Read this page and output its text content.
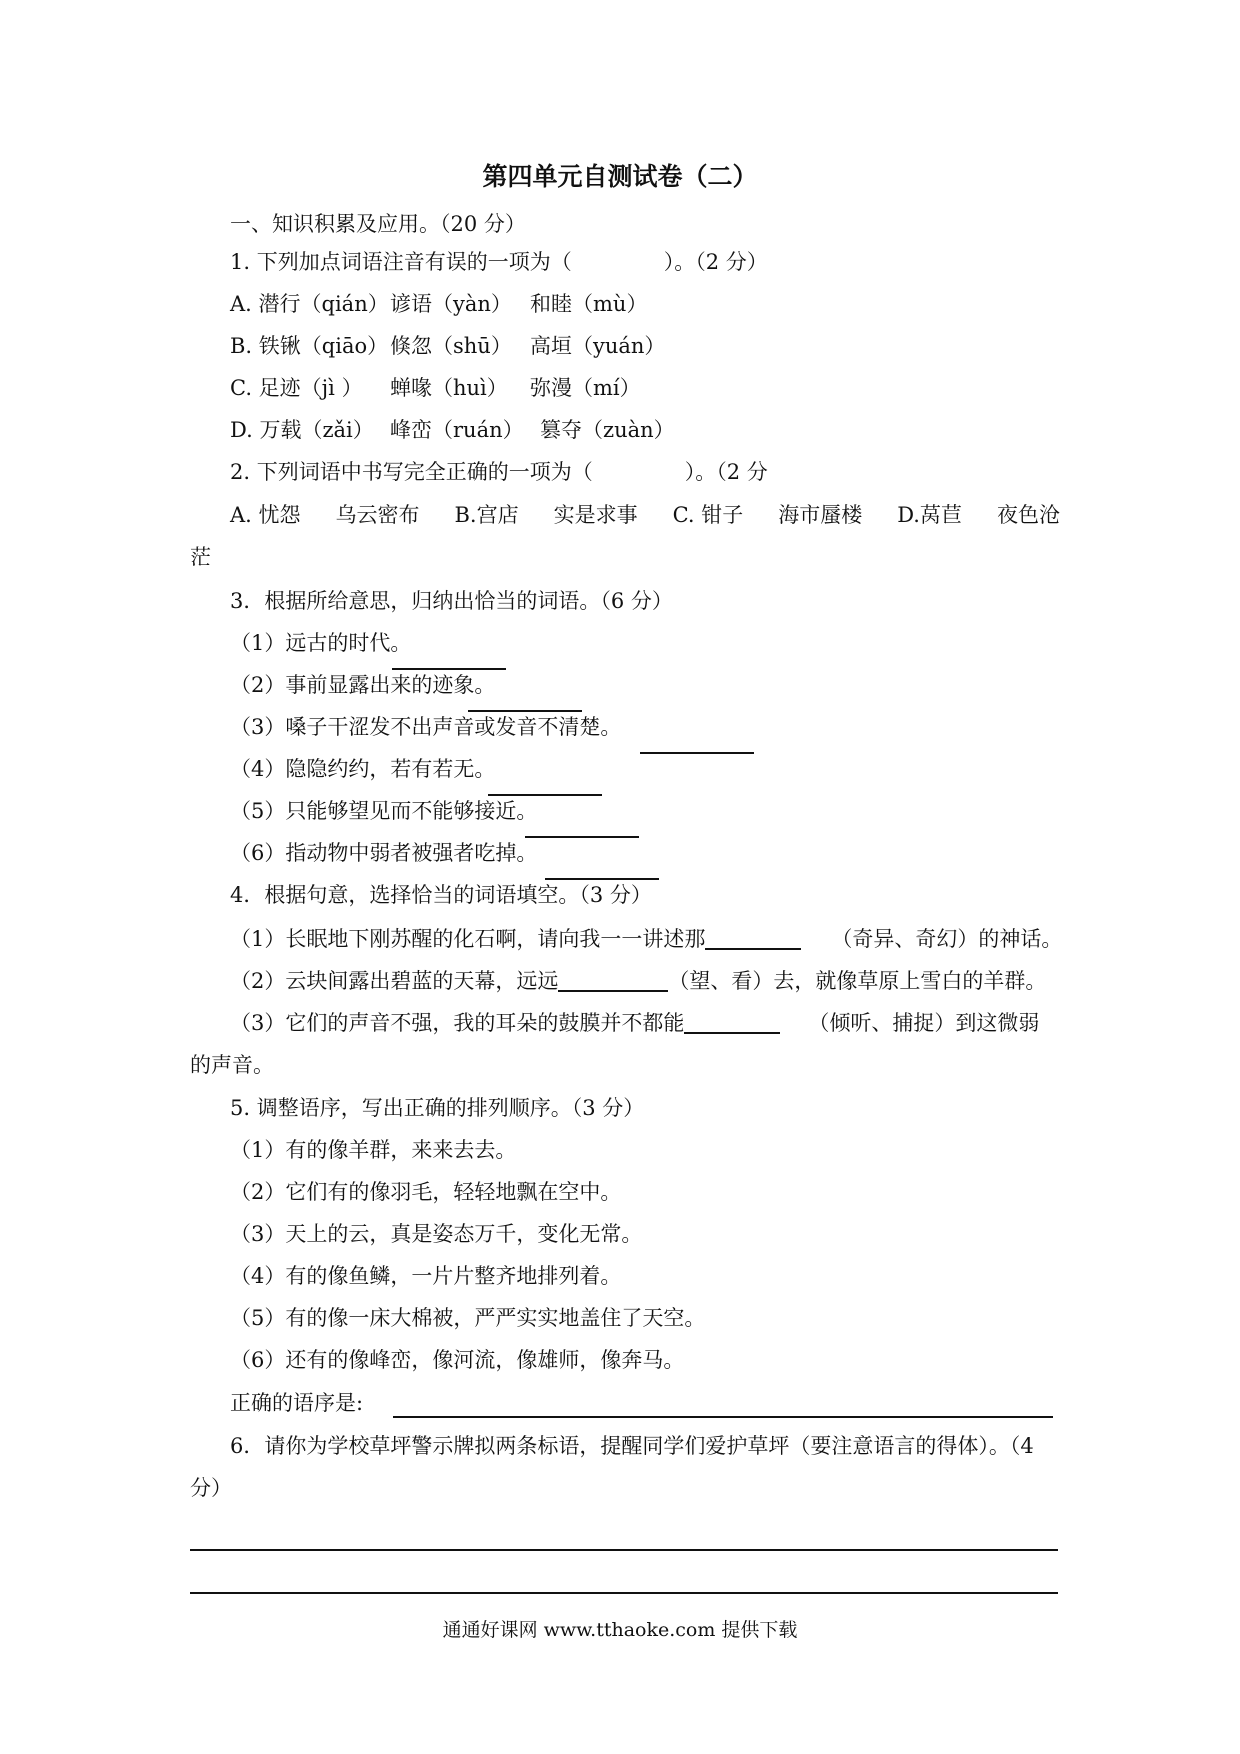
第四单元自测试卷（二）
一、知识积累及应用。（20 分）
1. 下列加点词语注音有误的一项为（	）。（2 分）
A. 潜行（qián）谚语（yàn） 和睦（mù）
B. 铁锹（qiāo）倏忽（shū） 高垣（yuán）
C. 足迹（jì ） 蝉喙（huì） 弥漫（mí）
D. 万载（zǎi） 峰峦（ruán） 篡夺（zuàn）
2. 下列词语中书写完全正确的一项为（	）。（2 分
A. 忧怨 乌云密布 B.宫店 实是求事 C. 钳子 海市蜃楼 D.莴苣 夜色沧
茫
3．根据所给意思，归纳出恰当的词语。（6 分）
（1）远古的时代。
（2）事前显露出来的迹象。
（3）嗓子干涩发不出声音或发音不清楚。
（4）隐隐约约，若有若无。
（5）只能够望见而不能够接近。
（6）指动物中弱者被强者吃掉。
4．根据句意，选择恰当的词语填空。（3 分）
（1）长眠地下刚苏醒的化石啊，请向我一一讲述那	（奇异、奇幻）的神话。
（2）云块间露出碧蓝的天幕，远远	（望、看）去，就像草原上雪白的羊群。
（3）它们的声音不强，我的耳朵的鼓膜并不都能	（倾听、捕捉）到这微弱
的声音。
5. 调整语序，写出正确的排列顺序。（3 分）
（1）有的像羊群，来来去去。
（2）它们有的像羽毛，轻轻地飘在空中。
（3）天上的云，真是姿态万千，变化无常。
（4）有的像鱼鳞，一片片整齐地排列着。
（5）有的像一床大棉被，严严实实地盖住了天空。
（6）还有的像峰峦，像河流，像雄师，像奔马。
正确的语序是:
6．请你为学校草坪警示牌拟两条标语，提醒同学们爱护草坪（要注意语言的得体）。（4
分）
通通好课网 www.tthaoke.com 提供下载
